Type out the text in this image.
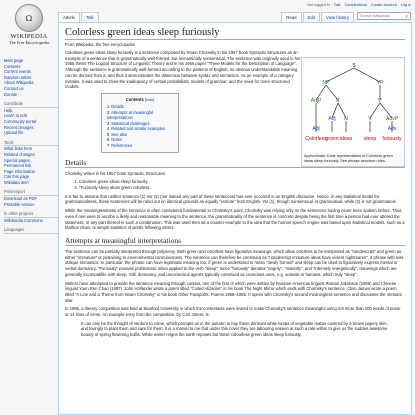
Ω
WIKIPEDIA
The Free Encyclopedia
Not logged in Talk Contributions Create account Log in
Article	Talk	Read	Edit	View history	Search Wikipedia	⚲
Main page
Contents
Current events
Random article
About Wikipedia
Contact us
Donate
Contribute
Help
Learn to edit
Community portal
Recent changes
Upload file
Tools
What links here
Related changes
Special pages
Permanent link
Page information
Cite this page
Wikidata item
Print/export
Download as PDF
Printable version
In other projects
Wikimedia Commons
Languages
Colorless green ideas sleep furiously
From Wikipedia, the free encyclopedia

Colorless green ideas sleep furiously is a sentence composed by Noam Chomsky in his 1957 book Syntactic Structures as an example of a sentence that is grammatically well-formed, but semantically nonsensical. The sentence was originally used in his 1955 thesis The Logical Structure of Linguistic Theory and in his 1956 paper "Three Models for the Description of Language". Although the sentence is grammatically well-formed according to the patterns of English, no obvious understandable meaning can be derived from it, and thus it demonstrates the distinction between syntax and semantics. As an example of a category mistake, it was used to show the inadequacy of certain probabilistic models of grammar, and the need for more structured models.

Contents [hide]
1 Details
2 Attempts at meaningful interpretations
3 Statistical challenges
4 Related and similar examples
5 See also
6 Notes
7 References
Details

Chomsky writes in his 1957 book Syntactic Structures:

1. Colorless green ideas sleep furiously.
2. *Furiously sleep ideas green colorless.

It is fair to assume that neither sentence (1) nor (2) (nor indeed any part of these sentences) has ever occurred in an English discourse. Hence, in any statistical model for grammaticalness, these sentences will be ruled out on identical grounds as equally "remote" from English. Yet (1), though nonsensical, is grammatical, while (2) is not grammatical.

While the meaninglessness of the sentence is often considered fundamental to Chomsky's point, Chomsky was relying only on the sentences having never been spoken before. Thus, even if one were to ascribe a likely and reasonable meaning to the sentence, the grammaticality of the sentence is concrete despite being the first time a person had ever uttered the statement, or any part thereof in such a combination. This was used then as a counter-example to the idea that the human speech engine was based upon statistical models, such as a Markov chain, or simple statistics of words following others.

Attempts at meaningful interpretations

The sentence can be partially interpreted through polysemy. Both green and colorless have figurative meanings, which allow colorless to be interpreted as "nondescript" and green as either "immature" or pertaining to environmental consciousness. The sentence can therefore be construed as "nondescript immature ideas have violent nightmares", a phrase with less oblique semantics. In particular, the phrase can have legitimate meaning too, if green is understood to mean "newly formed" and sleep can be used to figuratively express mental or verbal dormancy. "Furiously" remains problematic when applied to the verb "sleep", since "furiously" denotes "angrily", "violently", and "intensely energetically", meanings which are generally incompatible with sleep. Still, dormancy, and unconscious agents typically construed as conscious ones, e.g. animals or humans, which truly "sleep".

Writers have attempted to provide the sentence meaning through context, one of the first of which were written by Russian-American linguist Roman Jakobson (1959) and Chinese linguist Yuen Ren Chao (1997). John Hollander wrote a poem titled "Coiled Alizarine" in his book The Night Mirror which ends with Chomsky's sentence. Clive James wrote a poem titled "A Line and a Theme from Noam Chomsky" in his book Other Passports: Poems 1958–1985. It opens with Chomsky's second meaningless sentence and discusses the Vietnam War.

In 1985, a literary competition was held at Stanford University in which the contestants were invited to make Chomsky's sentence meaningful using not more than 100 words of prose or 14 lines of verse. An example entry from the competition, by C.M. Street, is

It can only be the thought of verdure to come, which prompts us in the autumn to buy these dormant white lumps of vegetable matter covered by a brown papery skin, and lovingly to plant them and care for them. It is a marvel to me that under this cover they are labouring unseen at such a rate within to give us the sudden awesome beauty of spring flowering bulbs. While winter reigns the earth reposes but these colourless green ideas sleep furiously.

S
NP	VP
AdjP	N'	V'
AdvP
Adj
Adj N	V
Adv
Colorless
green ideas sleep furiously
Approximate X-bar representation of Colorless green ideas sleep furiously. See phrase structure rules.
